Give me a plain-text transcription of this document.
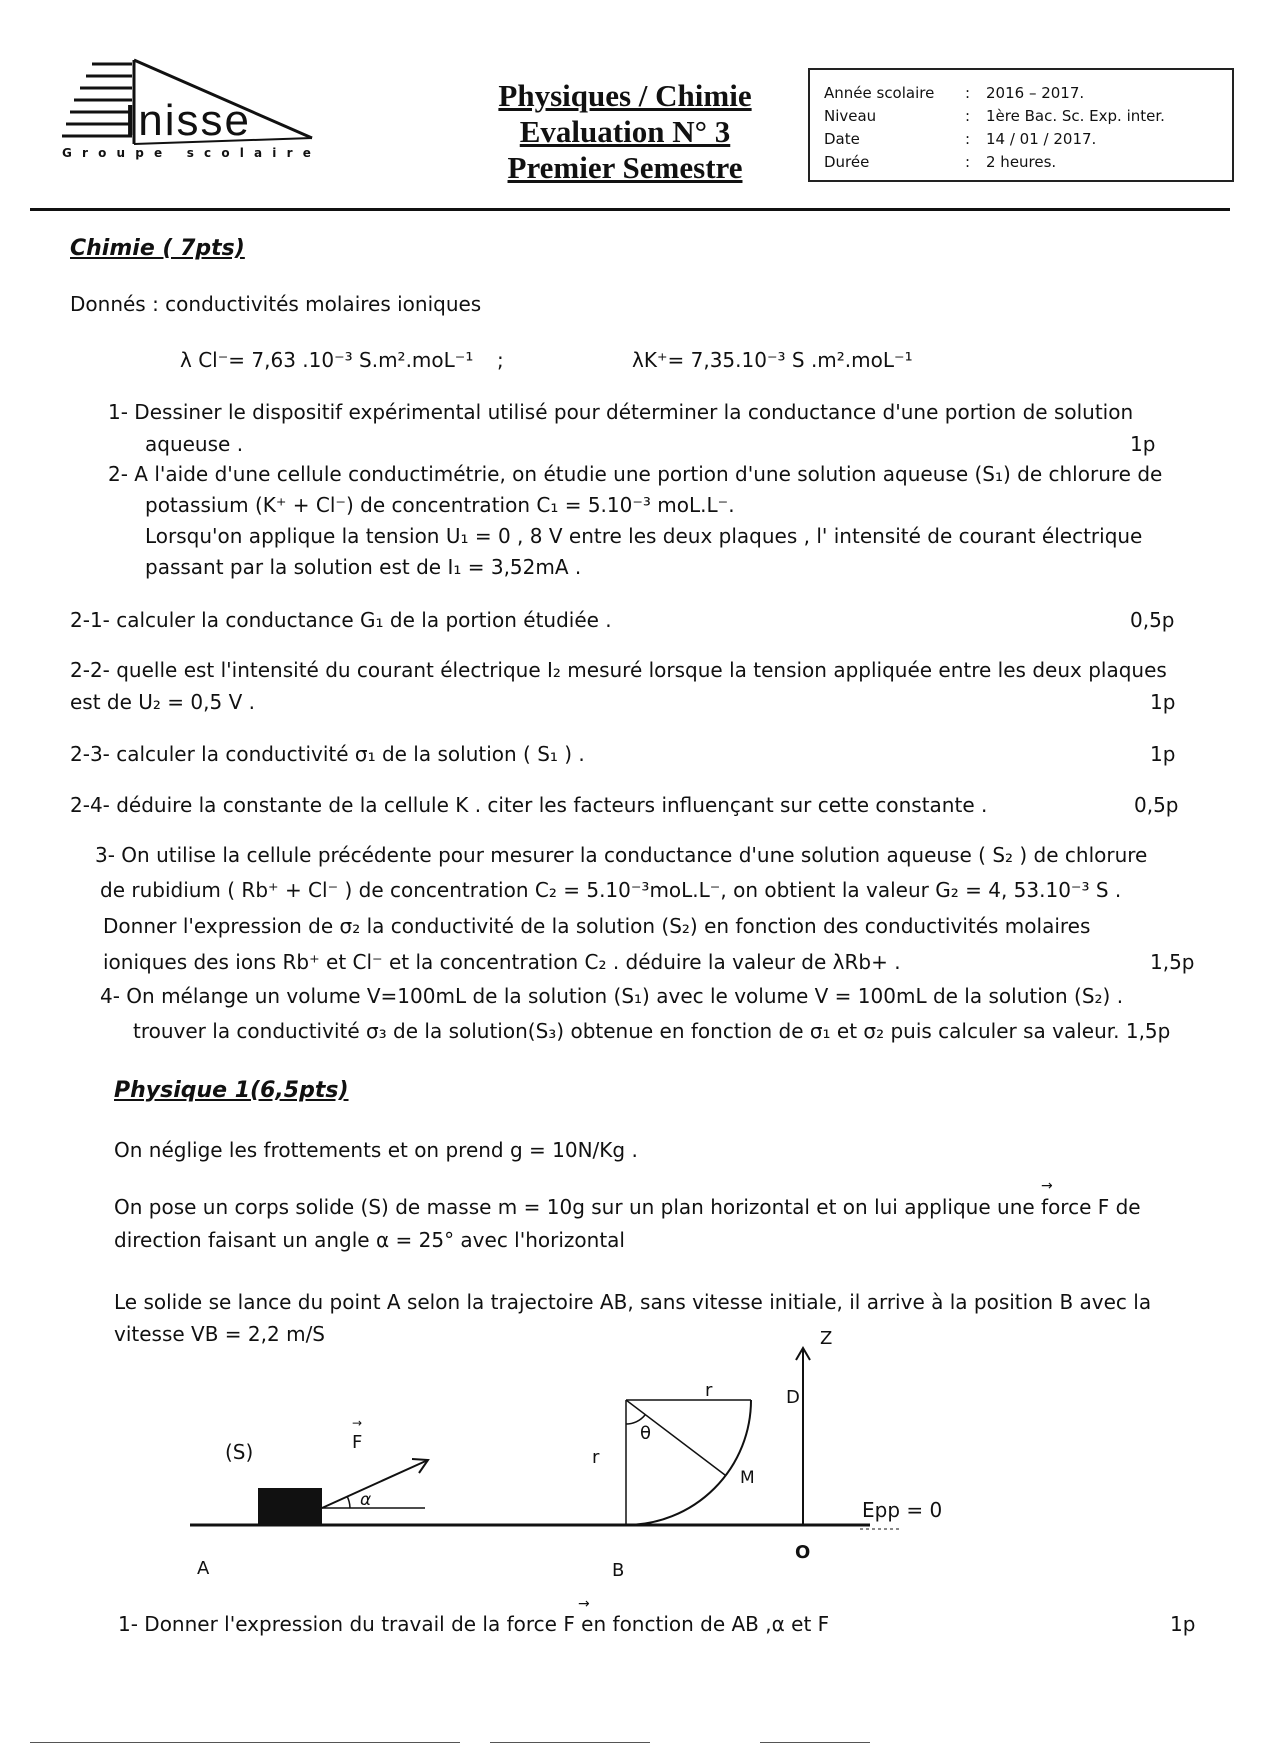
Inisse
G r o u p e   s c o l a i r e
Physiques / Chimie
Evaluation N° 3
Premier Semestre
Année scolaire : 2016 – 2017.
Niveau	: 1ère Bac. Sc. Exp. inter.
Date	: 14 / 01 / 2017.
Durée	: 2 heures.
Chimie ( 7pts)
Donnés : conductivités molaires ioniques
λ Cl⁻= 7,63 .10⁻³ S.m².moL⁻¹ ;	λK⁺= 7,35.10⁻³ S .m².moL⁻¹
1- Dessiner le dispositif expérimental utilisé pour déterminer la conductance d'une portion de solution
aqueuse .	1p
2- A l'aide d'une cellule conductimétrie, on étudie une portion d'une solution aqueuse (S₁) de chlorure de
potassium (K⁺ + Cl⁻) de concentration C₁ = 5.10⁻³ moL.L⁻.
Lorsqu'on applique la tension U₁ = 0 , 8 V entre les deux plaques , l' intensité de courant électrique
passant par la solution est de I₁ = 3,52mA .
2-1- calculer la conductance G₁ de la portion étudiée .	0,5p
2-2- quelle est l'intensité du courant électrique I₂ mesuré lorsque la tension appliquée entre les deux plaques
est de U₂ = 0,5 V .	1p
2-3- calculer la conductivité σ₁ de la solution ( S₁ ) .	1p
2-4- déduire la constante de la cellule K . citer les facteurs influençant sur cette constante .	0,5p
3- On utilise la cellule précédente pour mesurer la conductance d'une solution aqueuse ( S₂ ) de chlorure
de rubidium ( Rb⁺ + Cl⁻ ) de concentration C₂ = 5.10⁻³moL.L⁻, on obtient la valeur G₂ = 4, 53.10⁻³ S .
Donner l'expression de σ₂ la conductivité de la solution (S₂) en fonction des conductivités molaires
ioniques des ions Rb⁺ et Cl⁻ et la concentration C₂ . déduire la valeur de λRb+ .	1,5p
4- On mélange un volume V=100mL de la solution (S₁) avec le volume V = 100mL de la solution (S₂) .
trouver la conductivité σ₃ de la solution(S₃) obtenue en fonction de σ₁ et σ₂ puis calculer sa valeur. 1,5p
Physique 1(6,5pts)
On néglige les frottements et on prend g = 10N/Kg .
On pose un corps solide (S) de masse m = 10g sur un plan horizontal et on lui applique une force F de
→
direction faisant un angle α = 25° avec l'horizontal
Le solide se lance du point A selon la trajectoire AB, sans vitesse initiale, il arrive à la position B avec la
vitesse VB = 2,2 m/S
(S)	F
→
α
A	B
r
r
θ
M
D
Z
O
Epp = 0
1- Donner l'expression du travail de la force F en fonction de AB ,α et F
→
1p
